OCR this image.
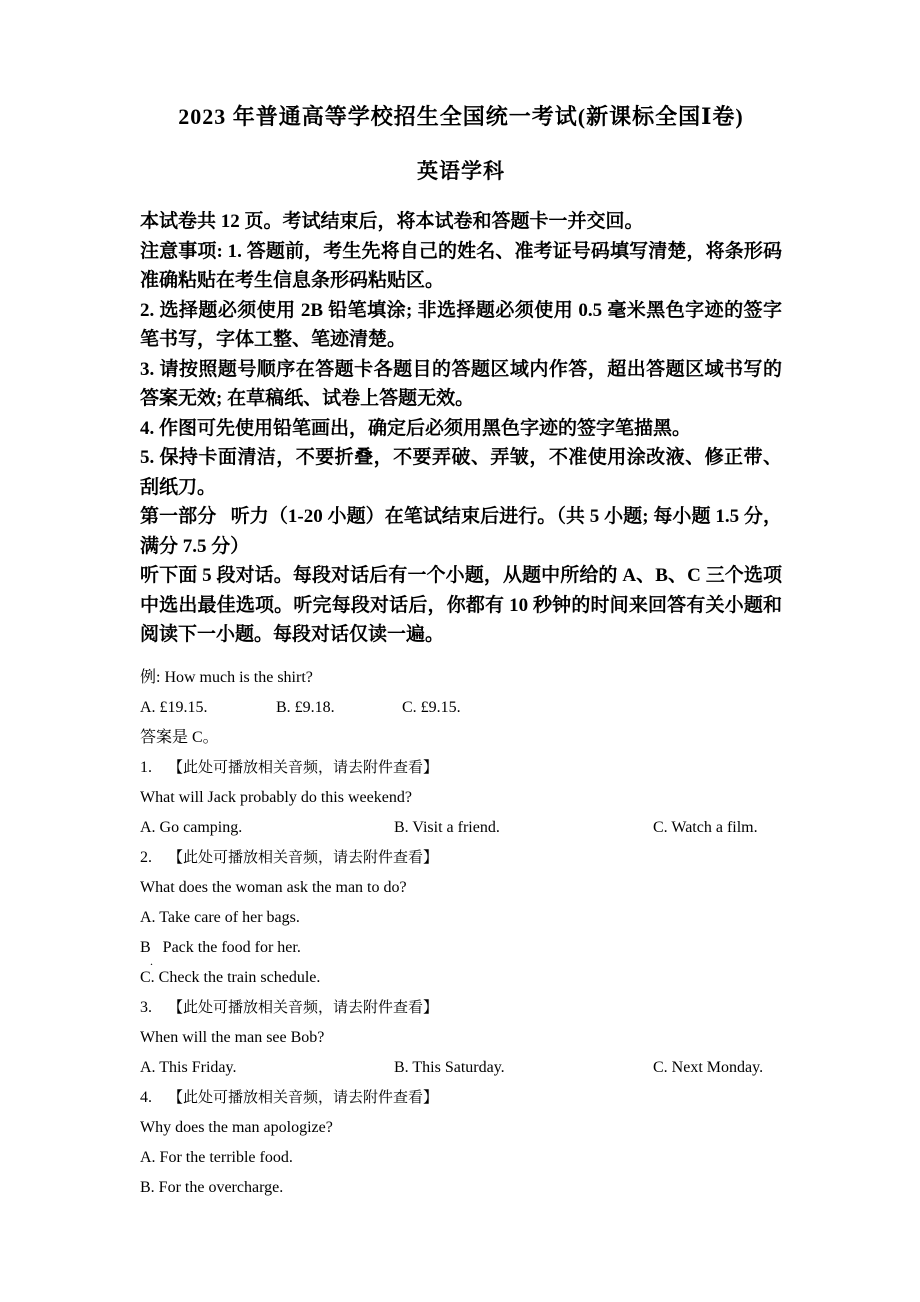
2023 年普通高等学校招生全国统一考试(新课标全国Ⅰ卷)
英语学科

本试卷共 12 页。考试结束后，将本试卷和答题卡一并交回。

注意事项: 1. 答题前，考生先将自己的姓名、准考证号码填写清楚，将条形码准确粘贴在考生信息条形码粘贴区。

2. 选择题必须使用 2B 铅笔填涂; 非选择题必须使用 0.5 毫米黑色字迹的签字笔书写，字体工整、笔迹清楚。

3. 请按照题号顺序在答题卡各题目的答题区域内作答，超出答题区域书写的答案无效; 在草稿纸、试卷上答题无效。

4. 作图可先使用铅笔画出，确定后必须用黑色字迹的签字笔描黑。

5. 保持卡面清洁，不要折叠，不要弄破、弄皱，不准使用涂改液、修正带、刮纸刀。

第一部分   听力（1-20 小题）在笔试结束后进行。（共 5 小题; 每小题 1.5 分，满分 7.5 分）

听下面 5 段对话。每段对话后有一个小题，从题中所给的 A、B、C 三个选项中选出最佳选项。听完每段对话后，你都有 10 秒钟的时间来回答有关小题和阅读下一小题。每段对话仅读一遍。

例: How much is the shirt?

A. £19.15.	B. £9.18.	C. £9.15.

答案是 C。

1. 【此处可播放相关音频，请去附件查看】

What will Jack probably do this weekend?

A. Go camping.	B. Visit a friend.	C. Watch a film.

2. 【此处可播放相关音频，请去附件查看】

What does the woman ask the man to do?

A. Take care of her bags.

B   Pack the food for her.
.

C. Check the train schedule.

3. 【此处可播放相关音频，请去附件查看】

When will the man see Bob?

A. This Friday.	B. This Saturday.	C. Next Monday.

4. 【此处可播放相关音频，请去附件查看】

Why does the man apologize?

A. For the terrible food.

B. For the overcharge.
